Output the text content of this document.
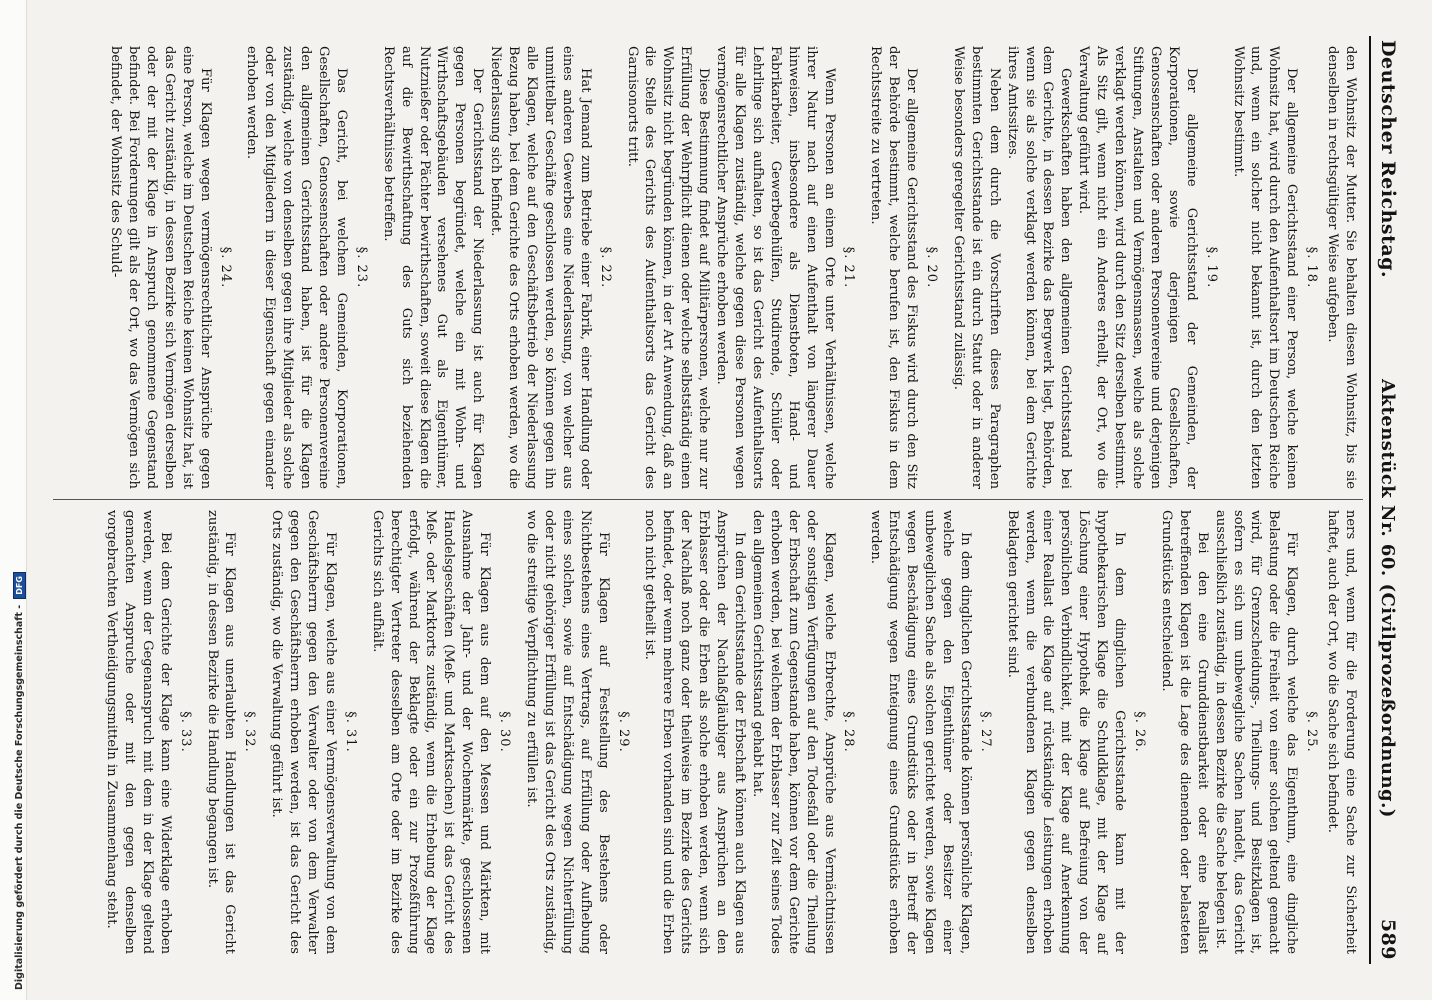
Digitalisierung gefördert durch die Deutsche Forschungsgemeinschaft -DFG
Deutscher Reichstag.
Aktenstück Nr. 60. (Civilprozeßordnung.)
589

den Wohnsitz der Mutter. Sie behalten diesen Wohnsitz, bis sie denselben in rechtsgültiger Weise aufgeben.

§. 18.

Der allgemeine Gerichtsstand einer Person, welche keinen Wohnsitz hat, wird durch den Aufenthaltsort im Deutschen Reiche und, wenn ein solcher nicht bekannt ist, durch den letzten Wohnsitz bestimmt.

§. 19.

Der allgemeine Gerichtsstand der Gemeinden, der Korporationen, sowie derjenigen Gesellschaften, Genossenschaften oder anderen Personenvereine und derjenigen Stiftungen, Anstalten und Vermögensmassen, welche als solche verklagt werden können, wird durch den Sitz derselben bestimmt. Als Sitz gilt, wenn nicht ein Anderes erhellt, der Ort, wo die Verwaltung geführt wird.

Gewerkschaften haben den allgemeinen Gerichtsstand bei dem Gerichte, in dessen Bezirke das Bergwerk liegt, Behörden, wenn sie als solche verklagt werden können, bei dem Gerichte ihres Amtssitzes.

Neben dem durch die Vorschriften dieses Paragraphen bestimmten Gerichtsstande ist ein durch Statut oder in anderer Weise besonders geregelter Gerichtsstand zulässig.

§. 20.

Der allgemeine Gerichtsstand des Fiskus wird durch den Sitz der Behörde bestimmt, welche berufen ist, den Fiskus in dem Rechtsstreite zu vertreten.

§. 21.

Wenn Personen an einem Orte unter Verhältnissen, welche ihrer Natur nach auf einen Aufenthalt von längerer Dauer hinweisen, insbesondere als Dienstboten, Hand- und Fabrikarbeiter, Gewerbegehülfen, Studirende, Schüler oder Lehrlinge sich aufhalten, so ist das Gericht des Aufenthaltsorts für alle Klagen zuständig, welche gegen diese Personen wegen vermögensrechtlicher Ansprüche erhoben werden.

Diese Bestimmung findet auf Militärpersonen, welche nur zur Erfüllung der Wehrpflicht dienen oder welche selbstständig einen Wohnsitz nicht begründen können, in der Art Anwendung, daß an die Stelle des Gerichts des Aufenthaltsorts das Gericht des Garnisonorts tritt.

§. 22.

Hat Jemand zum Betriebe einer Fabrik, einer Handlung oder eines anderen Gewerbes eine Niederlassung, von welcher aus unmittelbar Geschäfte geschlossen werden, so können gegen ihn alle Klagen, welche auf den Geschäftsbetrieb der Niederlassung Bezug haben, bei dem Gerichte des Orts erhoben werden, wo die Niederlassung sich befindet.

Der Gerichtsstand der Niederlassung ist auch für Klagen gegen Personen begründet, welche ein mit Wohn- und Wirthschaftsgebäuden versehenes Gut als Eigenthümer, Nutznießer oder Pächter bewirthschaften, soweit diese Klagen die auf die Bewirthschaftung des Guts sich beziehenden Rechtsverhältnisse betreffen.

§. 23.

Das Gericht, bei welchem Gemeinden, Korporationen, Gesellschaften, Genossenschaften oder andere Personenvereine den allgemeinen Gerichtsstand haben, ist für die Klagen zuständig, welche von denselben gegen ihre Mitglieder als solche oder von den Mitgliedern in dieser Eigenschaft gegen einander erhoben werden.

§. 24.

Für Klagen wegen vermögensrechtlicher Ansprüche gegen eine Person, welche im Deutschen Reiche keinen Wohnsitz hat, ist das Gericht zuständig, in dessen Bezirke sich Vermögen derselben oder der mit der Klage in Anspruch genommene Gegenstand befindet. Bei Forderungen gilt als der Ort, wo das Vermögen sich befindet, der Wohnsitz des Schuld-

ners und, wenn für die Forderung eine Sache zur Sicherheit haftet, auch der Ort, wo die Sache sich befindet.

§. 25.

Für Klagen, durch welche das Eigenthum, eine dingliche Belastung oder die Freiheit von einer solchen geltend gemacht wird, für Grenzscheidungs-, Theilungs- und Besitzklagen ist, sofern es sich um unbewegliche Sachen handelt, das Gericht ausschließlich zuständig, in dessen Bezirke die Sache belegen ist.

Bei den eine Grunddienstbarkeit oder eine Reallast betreffenden Klagen ist die Lage des dienenden oder belasteten Grundstücks entscheidend.

§. 26.

In dem dinglichen Gerichtsstande kann mit der hypothekarischen Klage die Schuldklage, mit der Klage auf Löschung einer Hypothek die Klage auf Befreiung von der persönlichen Verbindlichkeit, mit der Klage auf Anerkennung einer Reallast die Klage auf rückständige Leistungen erhoben werden, wenn die verbundenen Klagen gegen denselben Beklagten gerichtet sind.

§. 27.

In dem dinglichen Gerichtsstande können persönliche Klagen, welche gegen den Eigenthümer oder Besitzer einer unbeweglichen Sache als solchen gerichtet werden, sowie Klagen wegen Beschädigung eines Grundstücks oder in Betreff der Entschädigung wegen Enteignung eines Grundstücks erhoben werden.

§. 28.

Klagen, welche Erbrechte, Ansprüche aus Vermächtnissen oder sonstigen Verfügungen auf den Todesfall oder die Theilung der Erbschaft zum Gegenstande haben, können vor dem Gerichte erhoben werden, bei welchem der Erblasser zur Zeit seines Todes den allgemeinen Gerichtsstand gehabt hat.

In dem Gerichtsstande der Erbschaft können auch Klagen aus Ansprüchen der Nachlaßgläubiger aus Ansprüchen an den Erblasser oder die Erben als solche erhoben werden, wenn sich der Nachlaß noch ganz oder theilweise im Bezirke des Gerichts befindet, oder wenn mehrere Erben vorhanden sind und die Erben noch nicht getheilt ist.

§. 29.

Für Klagen auf Feststellung des Bestehens oder Nichtbestehens eines Vertrags, auf Erfüllung oder Aufhebung eines solchen, sowie auf Entschädigung wegen Nichterfüllung oder nicht gehöriger Erfüllung ist das Gericht des Orts zuständig, wo die streitige Verpflichtung zu erfüllen ist.

§. 30.

Für Klagen aus dem auf den Messen und Märkten, mit Ausnahme der Jahr- und der Wochenmärkte, geschlossenen Handelsgeschäften (Meß- und Marktsachen) ist das Gericht des Meß- oder Marktorts zuständig, wenn die Erhebung der Klage erfolgt, während der Beklagte oder ein zur Prozeßführung berechtigter Vertreter desselben am Orte oder im Bezirke des Gerichts sich aufhält.

§. 31.

Für Klagen, welche aus einer Vermögensverwaltung von dem Geschäftsherrn gegen den Verwalter oder von dem Verwalter gegen den Geschäftsherrn erhoben werden, ist das Gericht des Orts zuständig, wo die Verwaltung geführt ist.

§. 32.

Für Klagen aus unerlaubten Handlungen ist das Gericht zuständig, in dessen Bezirke die Handlung begangen ist.

§. 33.

Bei dem Gerichte der Klage kann eine Widerklage erhoben werden, wenn der Gegenanspruch mit dem in der Klage geltend gemachten Anspruche oder mit den gegen denselben vorgebrachten Vertheidigungsmitteln in Zusammenhang steht.
